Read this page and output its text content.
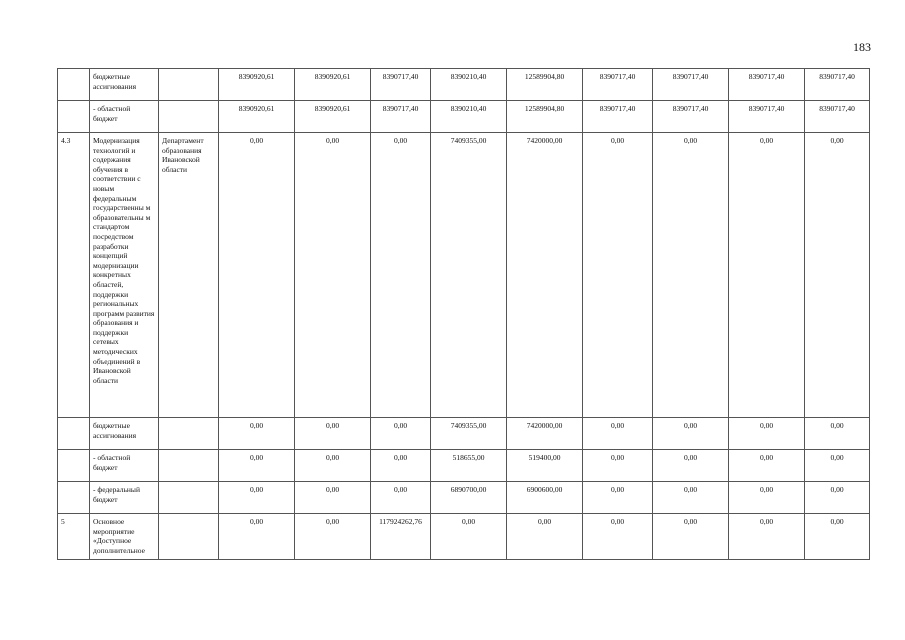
183
	бюджетные ассигнования		8390920,61	8390920,61	8390717,40	8390210,40	12589904,80	8390717,40	8390717,40	8390717,40	8390717,40
	- областной бюджет		8390920,61	8390920,61	8390717,40	8390210,40	12589904,80	8390717,40	8390717,40	8390717,40	8390717,40
4.3	Модернизация технологий и содержания обучения в соответствии с новым федеральным государственны м образовательны м стандартом посредством разработки концепций модернизации конкретных областей, поддержки региональных программ развития образования и поддержки сетевых методических объединений в Ивановской области	Департамент образования Ивановской области	0,00	0,00	0,00	7409355,00	7420000,00	0,00	0,00	0,00	0,00
	бюджетные ассигнования		0,00	0,00	0,00	7409355,00	7420000,00	0,00	0,00	0,00	0,00
	- областной бюджет		0,00	0,00	0,00	518655,00	519400,00	0,00	0,00	0,00	0,00
	- федеральный бюджет		0,00	0,00	0,00	6890700,00	6900600,00	0,00	0,00	0,00	0,00
5	Основное мероприятие «Доступное дополнительное		0,00	0,00	117924262,76	0,00	0,00	0,00	0,00	0,00	0,00
